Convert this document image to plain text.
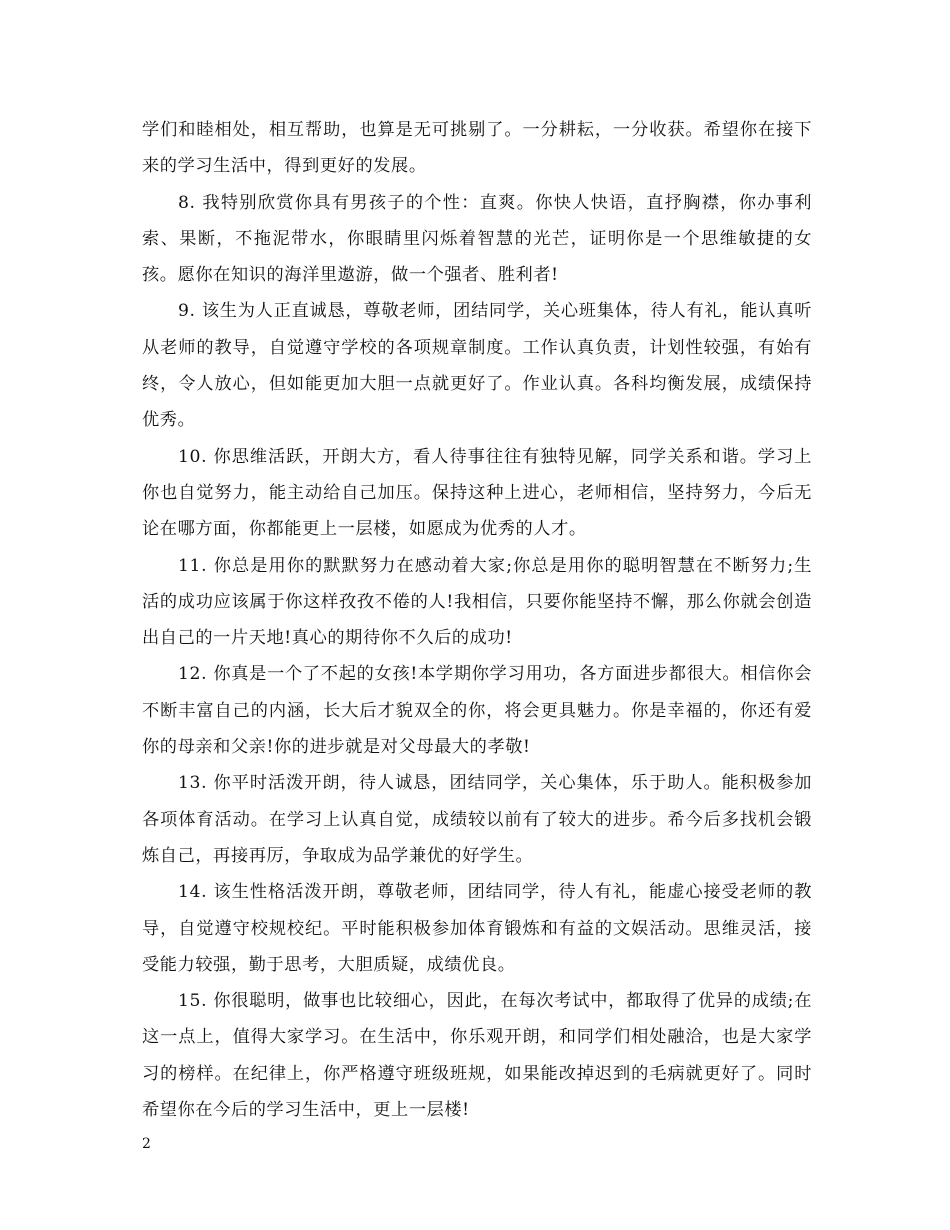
学们和睦相处，相互帮助，也算是无可挑剔了。一分耕耘，一分收获。希望你在接下来的学习生活中，得到更好的发展。

8. 我特别欣赏你具有男孩子的个性：直爽。你快人快语，直抒胸襟，你办事利索、果断，不拖泥带水，你眼睛里闪烁着智慧的光芒，证明你是一个思维敏捷的女孩。愿你在知识的海洋里遨游，做一个强者、胜利者!

9. 该生为人正直诚恳，尊敬老师，团结同学，关心班集体，待人有礼，能认真听从老师的教导，自觉遵守学校的各项规章制度。工作认真负责，计划性较强，有始有终，令人放心，但如能更加大胆一点就更好了。作业认真。各科均衡发展，成绩保持优秀。

10. 你思维活跃，开朗大方，看人待事往往有独特见解，同学关系和谐。学习上你也自觉努力，能主动给自己加压。保持这种上进心，老师相信，坚持努力，今后无论在哪方面，你都能更上一层楼，如愿成为优秀的人才。

11. 你总是用你的默默努力在感动着大家;你总是用你的聪明智慧在不断努力;生活的成功应该属于你这样孜孜不倦的人!我相信，只要你能坚持不懈，那么你就会创造出自己的一片天地!真心的期待你不久后的成功!

12. 你真是一个了不起的女孩!本学期你学习用功，各方面进步都很大。相信你会不断丰富自己的内涵，长大后才貌双全的你，将会更具魅力。你是幸福的，你还有爱你的母亲和父亲!你的进步就是对父母最大的孝敬!

13. 你平时活泼开朗，待人诚恳，团结同学，关心集体，乐于助人。能积极参加各项体育活动。在学习上认真自觉，成绩较以前有了较大的进步。希今后多找机会锻炼自己，再接再厉，争取成为品学兼优的好学生。

14. 该生性格活泼开朗，尊敬老师，团结同学，待人有礼，能虚心接受老师的教导，自觉遵守校规校纪。平时能积极参加体育锻炼和有益的文娱活动。思维灵活，接受能力较强，勤于思考，大胆质疑，成绩优良。

15. 你很聪明，做事也比较细心，因此，在每次考试中，都取得了优异的成绩;在这一点上，值得大家学习。在生活中，你乐观开朗，和同学们相处融洽，也是大家学习的榜样。在纪律上，你严格遵守班级班规，如果能改掉迟到的毛病就更好了。同时希望你在今后的学习生活中，更上一层楼!

2
